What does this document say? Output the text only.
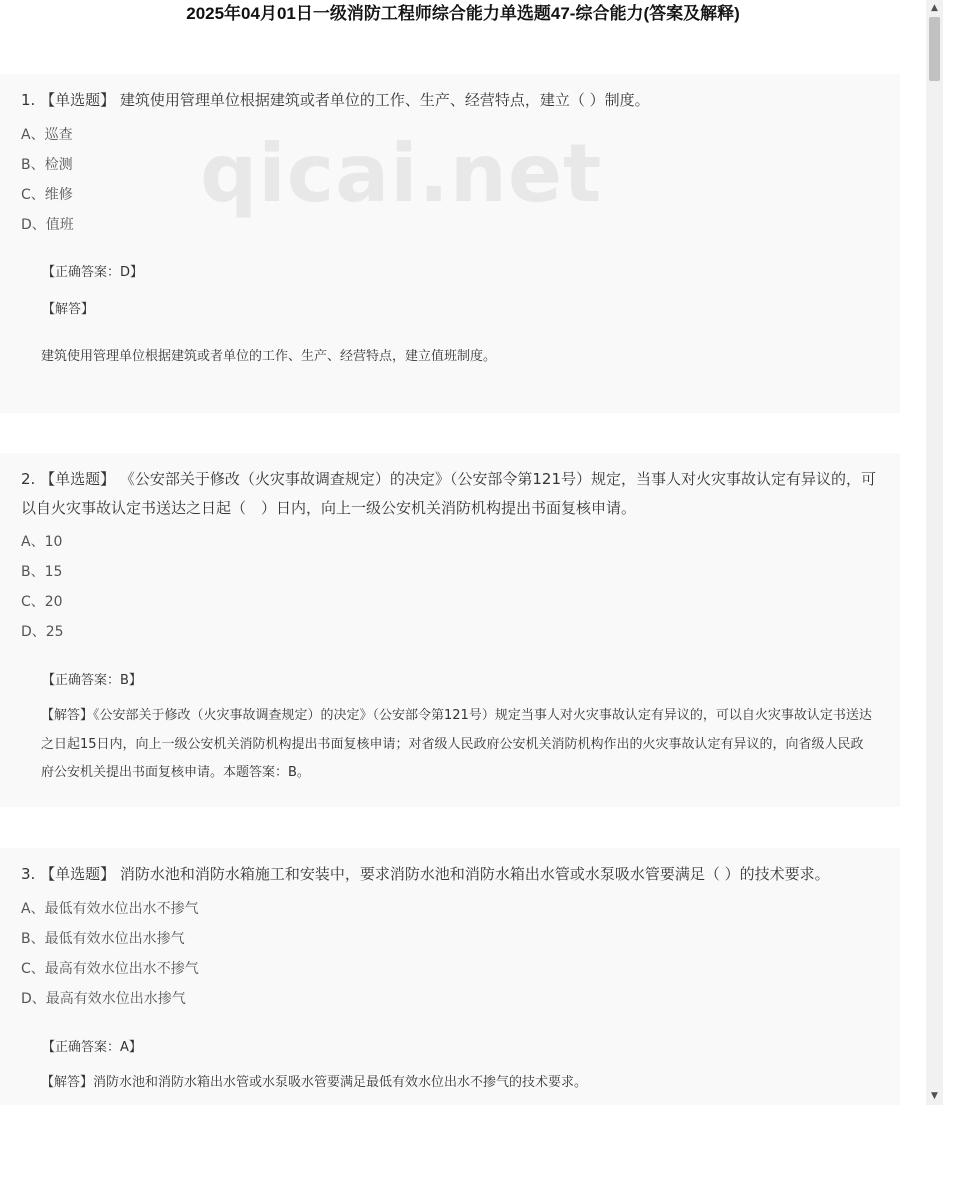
2025年04月01日一级消防工程师综合能力单选题47-综合能力(答案及解释)
qicai.net
1. 【单选题】 建筑使用管理单位根据建筑或者单位的工作、生产、经营特点，建立（ ）制度。
A、巡查
B、检测
C、维修
D、值班
【正确答案：D】
【解答】
建筑使用管理单位根据建筑或者单位的工作、生产、经营特点，建立值班制度。
2. 【单选题】 《公安部关于修改（火灾事故调查规定）的决定》（公安部令第121号）规定，当事人对火灾事故认定有异议的，可以自火灾事故认定书送达之日起（　）日内，向上一级公安机关消防机构提出书面复核申请。
A、10
B、15
C、20
D、25
【正确答案：B】
【解答】《公安部关于修改（火灾事故调查规定）的决定》（公安部令第121号）规定当事人对火灾事故认定有异议的，可以自火灾事故认定书送达之日起15日内，向上一级公安机关消防机构提出书面复核申请；对省级人民政府公安机关消防机构作出的火灾事故认定有异议的，向省级人民政府公安机关提出书面复核申请。本题答案：B。
3. 【单选题】 消防水池和消防水箱施工和安装中，要求消防水池和消防水箱出水管或水泵吸水管要满足（ ）的技术要求。
A、最低有效水位出水不掺气
B、最低有效水位出水掺气
C、最高有效水位出水不掺气
D、最高有效水位出水掺气
【正确答案：A】
【解答】消防水池和消防水箱出水管或水泵吸水管要满足最低有效水位出水不掺气的技术要求。
▲
▼
